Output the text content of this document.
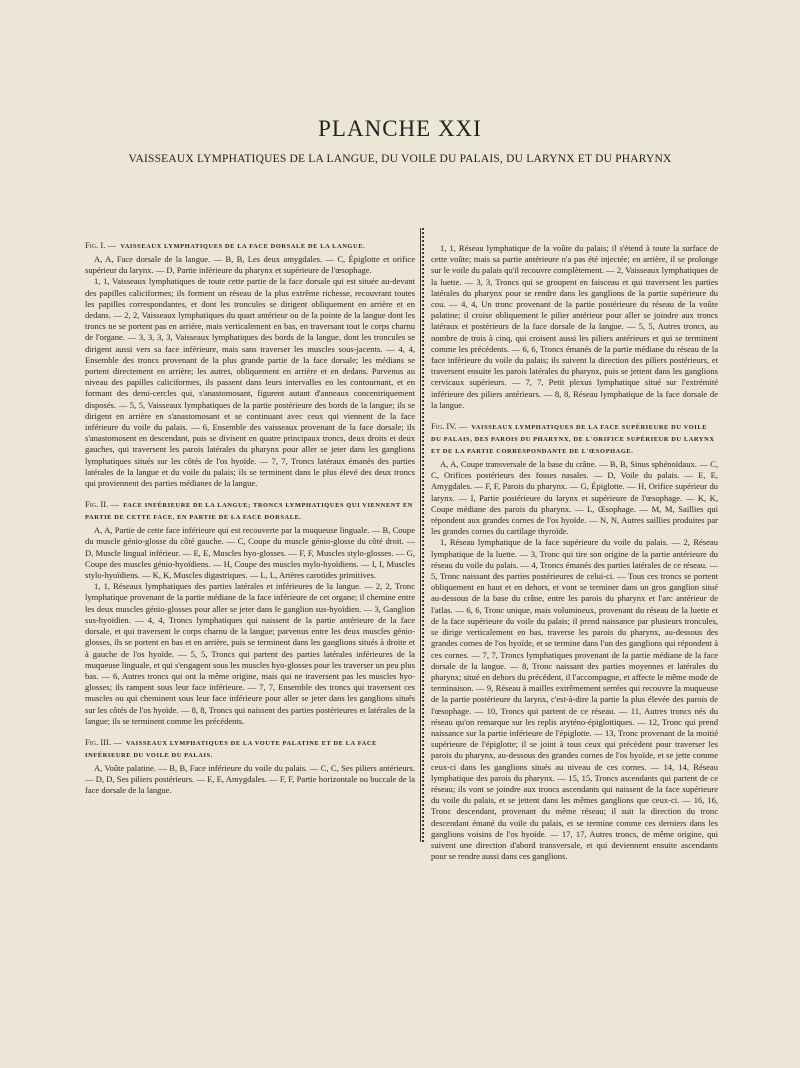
PLANCHE XXI
VAISSEAUX LYMPHATIQUES DE LA LANGUE, DU VOILE DU PALAIS, DU LARYNX ET DU PHARYNX
Fig. I. — VAISSEAUX LYMPHATIQUES DE LA FACE DORSALE DE LA LANGUE.

A, A, Face dorsale de la langue. — B, B, Les deux amygdales. — C, Épiglotte et orifice supérieur du larynx. — D, Partie inférieure du pharynx et supérieure de l'œsophage.

1, 1, Vaisseaux lymphatiques de toute cette partie de la face dorsale qui est située au-devant des papilles caliciformes; ils forment un réseau de la plus extrême richesse, recouvrant toutes les papilles correspondantes, et dont les troncules se dirigent obliquement en arrière et en dedans. — 2, 2, Vaisseaux lymphatiques du quart antérieur ou de la pointe de la langue dont les troncs ne se portent pas en arrière, mais verticalement en bas, en traversant tout le corps charnu de l'organe. — 3, 3, 3, 3, Vaisseaux lymphatiques des bords de la langue, dont les troncules se dirigent aussi vers sa face inférieure, mais sans traverser les muscles sous-jacents. — 4, 4, Ensemble des troncs provenant de la plus grande partie de la face dorsale; les médians se portent directement en arrière; les autres, obliquement en arrière et en dedans. Parvenus au niveau des papilles caliciformes, ils passent dans leurs intervalles en les contournant, et en formant des demi-cercles qui, s'anastomosant, figurent autant d'anneaux concentriquement disposés. — 5, 5, Vaisseaux lymphatiques de la partie postérieure des bords de la langue; ils se dirigent en arrière en s'anastomosant et se continuant avec ceux qui viennent de la face inférieure du voile du palais. — 6, Ensemble des vaisseaux provenant de la face dorsale; ils s'anastomosent en descendant, puis se divisent en quatre principaux troncs, deux droits et deux gauches, qui traversent les parois latérales du pharynx pour aller se jeter dans les ganglions lymphatiques situés sur les côtés de l'os hyoïde. — 7, 7, Troncs latéraux émanés des parties latérales de la langue et du voile du palais; ils se terminent dans le plus élevé des deux troncs qui proviennent des parties médianes de la langue.

Fig. II. — FACE INFÉRIEURE DE LA LANGUE; TRONCS LYMPHATIQUES QUI VIENNENT EN PARTIE DE CETTE FACE, EN PARTIE DE LA FACE DORSALE.

A, A, Partie de cette face inférieure qui est recouverte par la muqueuse linguale. — B, Coupe du muscle génio-glosse du côté gauche. — C, Coupe du muscle génio-glosse du côté droit. — D, Muscle lingual inférieur. — E, E, Muscles hyo-glosses. — F, F, Muscles stylo-glosses. — G, Coupe des muscles génio-hyoïdiens. — H, Coupe des muscles mylo-hyoïdiens. — I, I, Muscles stylo-hyoïdiens. — K, K, Muscles digastriques. — L, L, Artères carotides primitives.

1, 1, Réseaux lymphatiques des parties latérales et inférieures de la langue. — 2, 2, Tronc lymphatique provenant de la partie médiane de la face inférieure de cet organe; il chemine entre les deux muscles génio-glosses pour aller se jeter dans le ganglion sus-hyoïdien. — 3, Ganglion sus-hyoïdien. — 4, 4, Troncs lymphatiques qui naissent de la partie antérieure de la face dorsale, et qui traversent le corps charnu de la langue; parvenus entre les deux muscles génio-glosses, ils se portent en bas et en arrière, puis se terminent dans les ganglions situés à droite et à gauche de l'os hyoïde. — 5, 5, Troncs qui partent des parties latérales inférieures de la muqueuse linguale, et qui s'engagent sous les muscles hyo-glosses pour les traverser un peu plus bas. — 6, Autres troncs qui ont la même origine, mais qui ne traversent pas les muscles hyo-glosses; ils rampent sous leur face inférieure. — 7, 7, Ensemble des troncs qui traversent ces muscles ou qui cheminent sous leur face inférieure pour aller se jeter dans les ganglions situés sur les côtés de l'os hyoïde. — 8, 8, Troncs qui naissent des parties postérieures et latérales de la langue; ils se terminent comme les précédents.

Fig. III. — VAISSEAUX LYMPHATIQUES DE LA VOUTE PALATINE ET DE LA FACE INFÉRIEURE DU VOILE DU PALAIS.

A, Voûte palatine. — B, B, Face inférieure du voile du palais. — C, C, Ses piliers antérieurs. — D, D, Ses piliers postérieurs. — E, E, Amygdales. — F, F, Partie horizontale ou buccale de la face dorsale de la langue.

1, 1, Réseau lymphatique de la voûte du palais; il s'étend à toute la surface de cette voûte; mais sa partie antérieure n'a pas été injectée; en arrière, il se prolonge sur le voile du palais qu'il recouvre complètement. — 2, Vaisseaux lymphatiques de la luette. — 3, 3, Troncs qui se groupent en faisceau et qui traversent les parties latérales du pharynx pour se rendre dans les ganglions de la partie supérieure du cou. — 4, 4, Un tronc provenant de la partie postérieure du réseau de la voûte palatine; il croise obliquement le pilier antérieur pour aller se joindre aux troncs latéraux et postérieurs de la face dorsale de la langue. — 5, 5, Autres troncs, au nombre de trois à cinq, qui croisent aussi les piliers antérieurs et qui se terminent comme les précédents. — 6, 6, Troncs émanés de la partie médiane du réseau de la face inférieure du voile du palais; ils suivent la direction des piliers postérieurs, et traversent ensuite les parois latérales du pharynx, puis se jettent dans les ganglions cervicaux supérieurs. — 7, 7, Petit plexus lymphatique situé sur l'extrémité inférieure des piliers antérieurs. — 8, 8, Réseau lymphatique de la face dorsale de la langue.

Fig. IV. — VAISSEAUX LYMPHATIQUES DE LA FACE SUPÉRIEURE DU VOILE DU PALAIS, DES PAROIS DU PHARYNX, DE L'ORIFICE SUPÉRIEUR DU LARYNX ET DE LA PARTIE CORRESPONDANTE DE L'ŒSOPHAGE.

A, A, Coupe transversale de la base du crâne. — B, B, Sinus sphénoïdaux. — C, C, Orifices postérieurs des fosses nasales. — D, Voile du palais. — E, E, Amygdales. — F, F, Parois du pharynx. — G, Épiglotte. — H, Orifice supérieur du larynx. — I, Partie postérieure du larynx et supérieure de l'œsophage. — K, K, Coupe médiane des parois du pharynx. — L, Œsophage. — M, M, Saillies qui répondent aux grandes cornes de l'os hyoïde. — N, N, Autres saillies produites par les grandes cornes du cartilage thyroïde.

1, Réseau lymphatique de la face supérieure du voile du palais. — 2, Réseau lymphatique de la luette. — 3, Tronc qui tire son origine de la partie antérieure du réseau du voile du palais. — 4, Troncs émanés des parties latérales de ce réseau. — 5, Tronc naissant des parties postérieures de celui-ci. — Tous ces troncs se portent obliquement en haut et en dehors, et vont se terminer dans un gros ganglion situé au-dessous de la base du crâne, entre les parois du pharynx et l'arc antérieur de l'atlas. — 6, 6, Tronc unique, mais volumineux, provenant du réseau de la luette et de la face supérieure du voile du palais; il prend naissance par plusieurs troncules, se dirige verticalement en bas, traverse les parois du pharynx, au-dessous des grandes cornes de l'os hyoïde, et se termine dans l'un des ganglions qui répondent à ces cornes. — 7, 7, Troncs lymphatiques provenant de la partie médiane de la face dorsale de la langue. — 8, Tronc naissant des parties moyennes et latérales du pharynx; situé en dehors du précédent, il l'accompagne, et affecte le même mode de terminaison. — 9, Réseau à mailles extrêmement serrées qui recouvre la muqueuse de la partie postérieure du larynx, c'est-à-dire la partie la plus élevée des parois de l'œsophage. — 10, Troncs qui partent de ce réseau. — 11, Autres troncs nés du réseau qu'on remarque sur les replis aryténo-épiglottiques. — 12, Tronc qui prend naissance sur la partie inférieure de l'épiglotte. — 13, Tronc provenant de la moitié supérieure de l'épiglotte; il se joint à tous ceux qui précèdent pour traverser les parois du pharynx, au-dessous des grandes cornes de l'os hyoïde, et se jette comme ceux-ci dans les ganglions situés au niveau de ces cornes. — 14, 14, Réseau lymphatique des parois du pharynx. — 15, 15, Troncs ascendants qui partent de ce réseau; ils vont se joindre aux troncs ascendants qui naissent de la face supérieure du voile du palais, et se jettent dans les mêmes ganglions que ceux-ci. — 16, 16, Tronc descendant, provenant du même réseau; il suit la direction du tronc descendant émané du voile du palais, et se termine comme ces derniers dans les ganglions voisins de l'os hyoïde. — 17, 17, Autres troncs, de même origine, qui suivent une direction d'abord transversale, et qui deviennent ensuite ascendants pour se rendre aussi dans ces ganglions.
